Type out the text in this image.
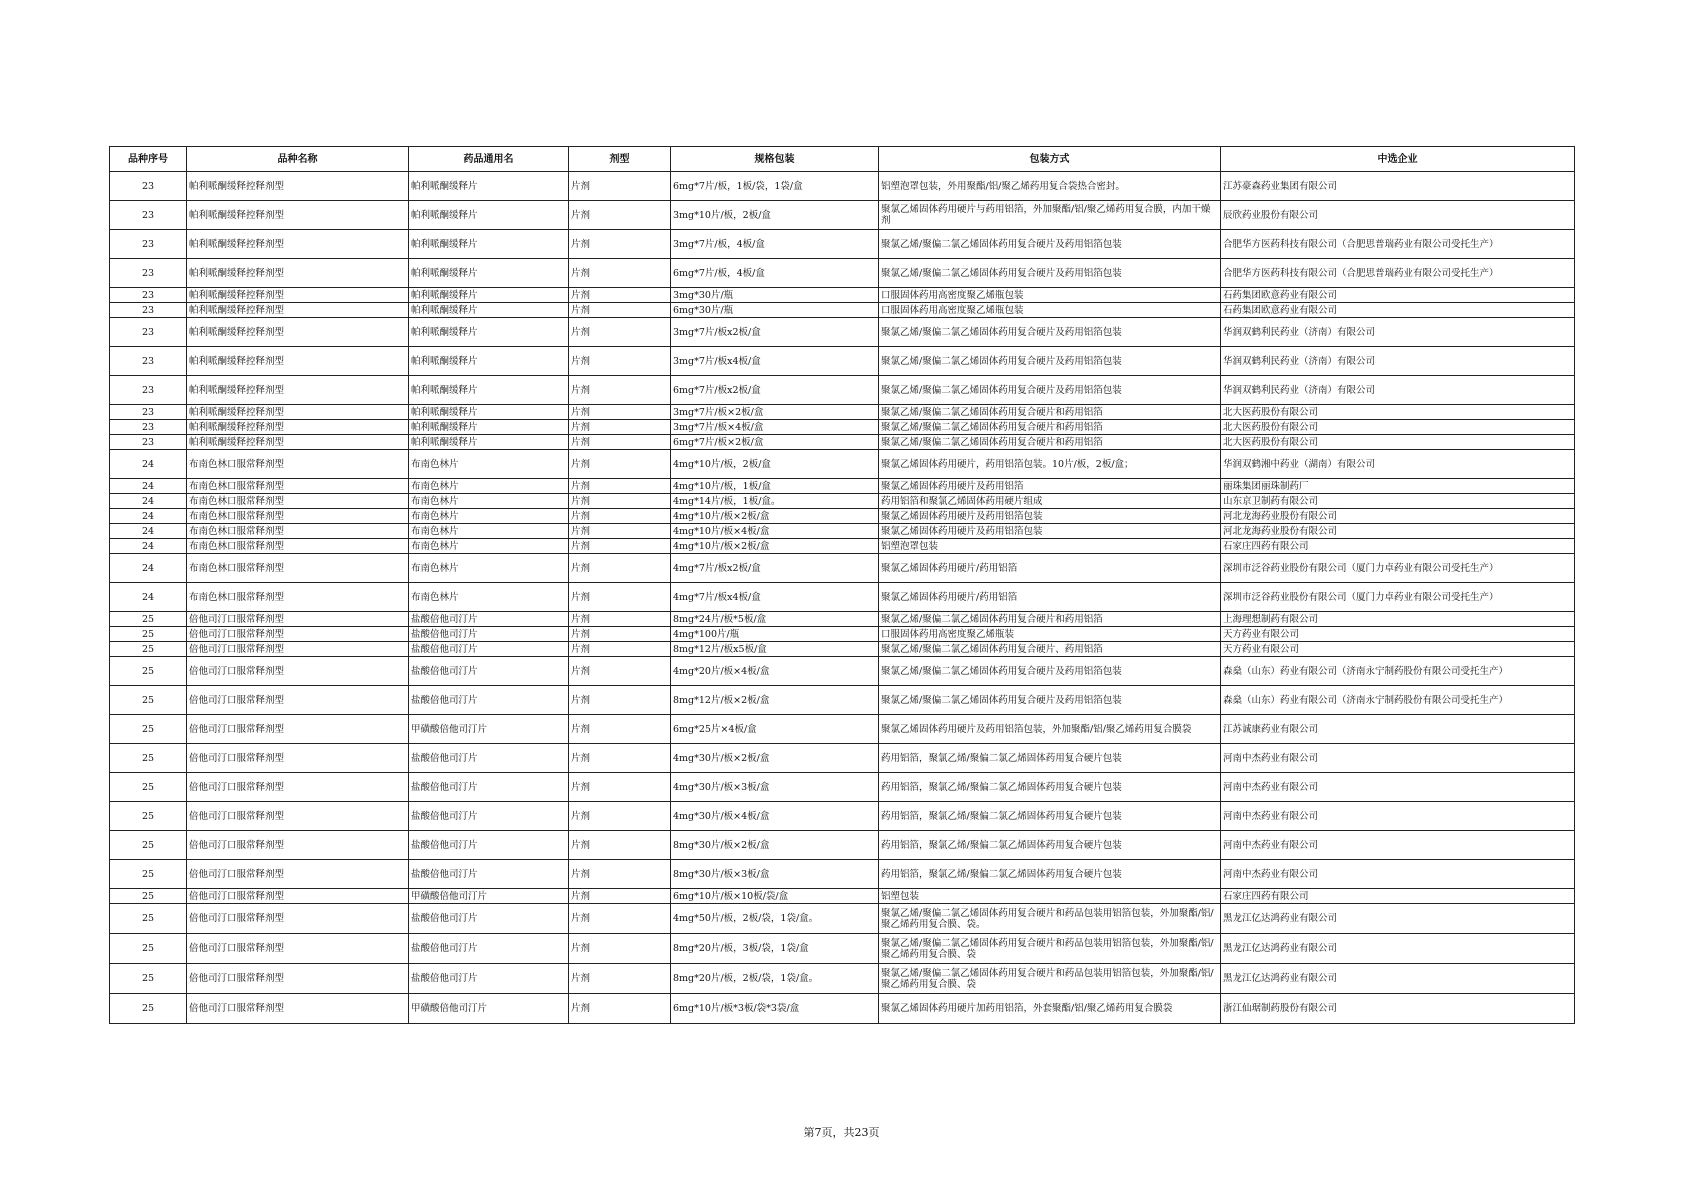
品种序号	品种名称	药品通用名	剂型	规格包装	包装方式	中选企业
23	帕利哌酮缓释控释剂型	帕利哌酮缓释片	片剂	6mg*7片/板，1板/袋，1袋/盒	铝塑泡罩包装，外用聚酯/铝/聚乙烯药用复合袋热合密封。	江苏豪森药业集团有限公司
23	帕利哌酮缓释控释剂型	帕利哌酮缓释片	片剂	3mg*10片/板，2板/盒	聚氯乙烯固体药用硬片与药用铝箔，外加聚酯/铝/聚乙烯药用复合膜，内加干燥剂	辰欣药业股份有限公司
23	帕利哌酮缓释控释剂型	帕利哌酮缓释片	片剂	3mg*7片/板，4板/盒	聚氯乙烯/聚偏二氯乙烯固体药用复合硬片及药用铝箔包装	合肥华方医药科技有限公司（合肥思普瑞药业有限公司受托生产）
23	帕利哌酮缓释控释剂型	帕利哌酮缓释片	片剂	6mg*7片/板，4板/盒	聚氯乙烯/聚偏二氯乙烯固体药用复合硬片及药用铝箔包装	合肥华方医药科技有限公司（合肥思普瑞药业有限公司受托生产）
23	帕利哌酮缓释控释剂型	帕利哌酮缓释片	片剂	3mg*30片/瓶	口服固体药用高密度聚乙烯瓶包装	石药集团欧意药业有限公司
23	帕利哌酮缓释控释剂型	帕利哌酮缓释片	片剂	6mg*30片/瓶	口服固体药用高密度聚乙烯瓶包装	石药集团欧意药业有限公司
23	帕利哌酮缓释控释剂型	帕利哌酮缓释片	片剂	3mg*7片/板x2板/盒	聚氯乙烯/聚偏二氯乙烯固体药用复合硬片及药用铝箔包装	华润双鹤利民药业（济南）有限公司
23	帕利哌酮缓释控释剂型	帕利哌酮缓释片	片剂	3mg*7片/板x4板/盒	聚氯乙烯/聚偏二氯乙烯固体药用复合硬片及药用铝箔包装	华润双鹤利民药业（济南）有限公司
23	帕利哌酮缓释控释剂型	帕利哌酮缓释片	片剂	6mg*7片/板x2板/盒	聚氯乙烯/聚偏二氯乙烯固体药用复合硬片及药用铝箔包装	华润双鹤利民药业（济南）有限公司
23	帕利哌酮缓释控释剂型	帕利哌酮缓释片	片剂	3mg*7片/板×2板/盒	聚氯乙烯/聚偏二氯乙烯固体药用复合硬片和药用铝箔	北大医药股份有限公司
23	帕利哌酮缓释控释剂型	帕利哌酮缓释片	片剂	3mg*7片/板×4板/盒	聚氯乙烯/聚偏二氯乙烯固体药用复合硬片和药用铝箔	北大医药股份有限公司
23	帕利哌酮缓释控释剂型	帕利哌酮缓释片	片剂	6mg*7片/板×2板/盒	聚氯乙烯/聚偏二氯乙烯固体药用复合硬片和药用铝箔	北大医药股份有限公司
24	布南色林口服常释剂型	布南色林片	片剂	4mg*10片/板，2板/盒	聚氯乙烯固体药用硬片，药用铝箔包装。10片/板，2板/盒；	华润双鹤湘中药业（湖南）有限公司
24	布南色林口服常释剂型	布南色林片	片剂	4mg*10片/板，1板/盒	聚氯乙烯固体药用硬片及药用铝箔	丽珠集团丽珠制药厂
24	布南色林口服常释剂型	布南色林片	片剂	4mg*14片/板，1板/盒。	药用铝箔和聚氯乙烯固体药用硬片组成	山东京卫制药有限公司
24	布南色林口服常释剂型	布南色林片	片剂	4mg*10片/板×2板/盒	聚氯乙烯固体药用硬片及药用铝箔包装	河北龙海药业股份有限公司
24	布南色林口服常释剂型	布南色林片	片剂	4mg*10片/板×4板/盒	聚氯乙烯固体药用硬片及药用铝箔包装	河北龙海药业股份有限公司
24	布南色林口服常释剂型	布南色林片	片剂	4mg*10片/板×2板/盒	铝塑泡罩包装	石家庄四药有限公司
24	布南色林口服常释剂型	布南色林片	片剂	4mg*7片/板x2板/盒	聚氯乙烯固体药用硬片/药用铝箔	深圳市泛谷药业股份有限公司（厦门力卓药业有限公司受托生产）
24	布南色林口服常释剂型	布南色林片	片剂	4mg*7片/板x4板/盒	聚氯乙烯固体药用硬片/药用铝箔	深圳市泛谷药业股份有限公司（厦门力卓药业有限公司受托生产）
25	倍他司汀口服常释剂型	盐酸倍他司汀片	片剂	8mg*24片/板*5板/盒	聚氯乙烯/聚偏二氯乙烯固体药用复合硬片和药用铝箔	上海理想制药有限公司
25	倍他司汀口服常释剂型	盐酸倍他司汀片	片剂	4mg*100片/瓶	口服固体药用高密度聚乙烯瓶装	天方药业有限公司
25	倍他司汀口服常释剂型	盐酸倍他司汀片	片剂	8mg*12片/板x5板/盒	聚氯乙烯/聚偏二氯乙烯固体药用复合硬片、药用铝箔	天方药业有限公司
25	倍他司汀口服常释剂型	盐酸倍他司汀片	片剂	4mg*20片/板×4板/盒	聚氯乙烯/聚偏二氯乙烯固体药用复合硬片及药用铝箔包装	森燊（山东）药业有限公司（济南永宁制药股份有限公司受托生产）
25	倍他司汀口服常释剂型	盐酸倍他司汀片	片剂	8mg*12片/板×2板/盒	聚氯乙烯/聚偏二氯乙烯固体药用复合硬片及药用铝箔包装	森燊（山东）药业有限公司（济南永宁制药股份有限公司受托生产）
25	倍他司汀口服常释剂型	甲磺酸倍他司汀片	片剂	6mg*25片×4板/盒	聚氯乙烯固体药用硬片及药用铝箔包装，外加聚酯/铝/聚乙烯药用复合膜袋	江苏诚康药业有限公司
25	倍他司汀口服常释剂型	盐酸倍他司汀片	片剂	4mg*30片/板×2板/盒	药用铝箔，聚氯乙烯/聚偏二氯乙烯固体药用复合硬片包装	河南中杰药业有限公司
25	倍他司汀口服常释剂型	盐酸倍他司汀片	片剂	4mg*30片/板×3板/盒	药用铝箔，聚氯乙烯/聚偏二氯乙烯固体药用复合硬片包装	河南中杰药业有限公司
25	倍他司汀口服常释剂型	盐酸倍他司汀片	片剂	4mg*30片/板×4板/盒	药用铝箔，聚氯乙烯/聚偏二氯乙烯固体药用复合硬片包装	河南中杰药业有限公司
25	倍他司汀口服常释剂型	盐酸倍他司汀片	片剂	8mg*30片/板×2板/盒	药用铝箔，聚氯乙烯/聚偏二氯乙烯固体药用复合硬片包装	河南中杰药业有限公司
25	倍他司汀口服常释剂型	盐酸倍他司汀片	片剂	8mg*30片/板×3板/盒	药用铝箔，聚氯乙烯/聚偏二氯乙烯固体药用复合硬片包装	河南中杰药业有限公司
25	倍他司汀口服常释剂型	甲磺酸倍他司汀片	片剂	6mg*10片/板×10板/袋/盒	铝塑包装	石家庄四药有限公司
25	倍他司汀口服常释剂型	盐酸倍他司汀片	片剂	4mg*50片/板，2板/袋，1袋/盒。	聚氯乙烯/聚偏二氯乙烯固体药用复合硬片和药品包装用铝箔包装，外加聚酯/铝/聚乙烯药用复合膜、袋。	黑龙江亿达鸿药业有限公司
25	倍他司汀口服常释剂型	盐酸倍他司汀片	片剂	8mg*20片/板，3板/袋，1袋/盒	聚氯乙烯/聚偏二氯乙烯固体药用复合硬片和药品包装用铝箔包装，外加聚酯/铝/聚乙烯药用复合膜、袋	黑龙江亿达鸿药业有限公司
25	倍他司汀口服常释剂型	盐酸倍他司汀片	片剂	8mg*20片/板，2板/袋，1袋/盒。	聚氯乙烯/聚偏二氯乙烯固体药用复合硬片和药品包装用铝箔包装，外加聚酯/铝/聚乙烯药用复合膜、袋	黑龙江亿达鸿药业有限公司
25	倍他司汀口服常释剂型	甲磺酸倍他司汀片	片剂	6mg*10片/板*3板/袋*3袋/盒	聚氯乙烯固体药用硬片加药用铝箔，外套聚酯/铝/聚乙烯药用复合膜袋	浙江仙琚制药股份有限公司
第7页，共23页
